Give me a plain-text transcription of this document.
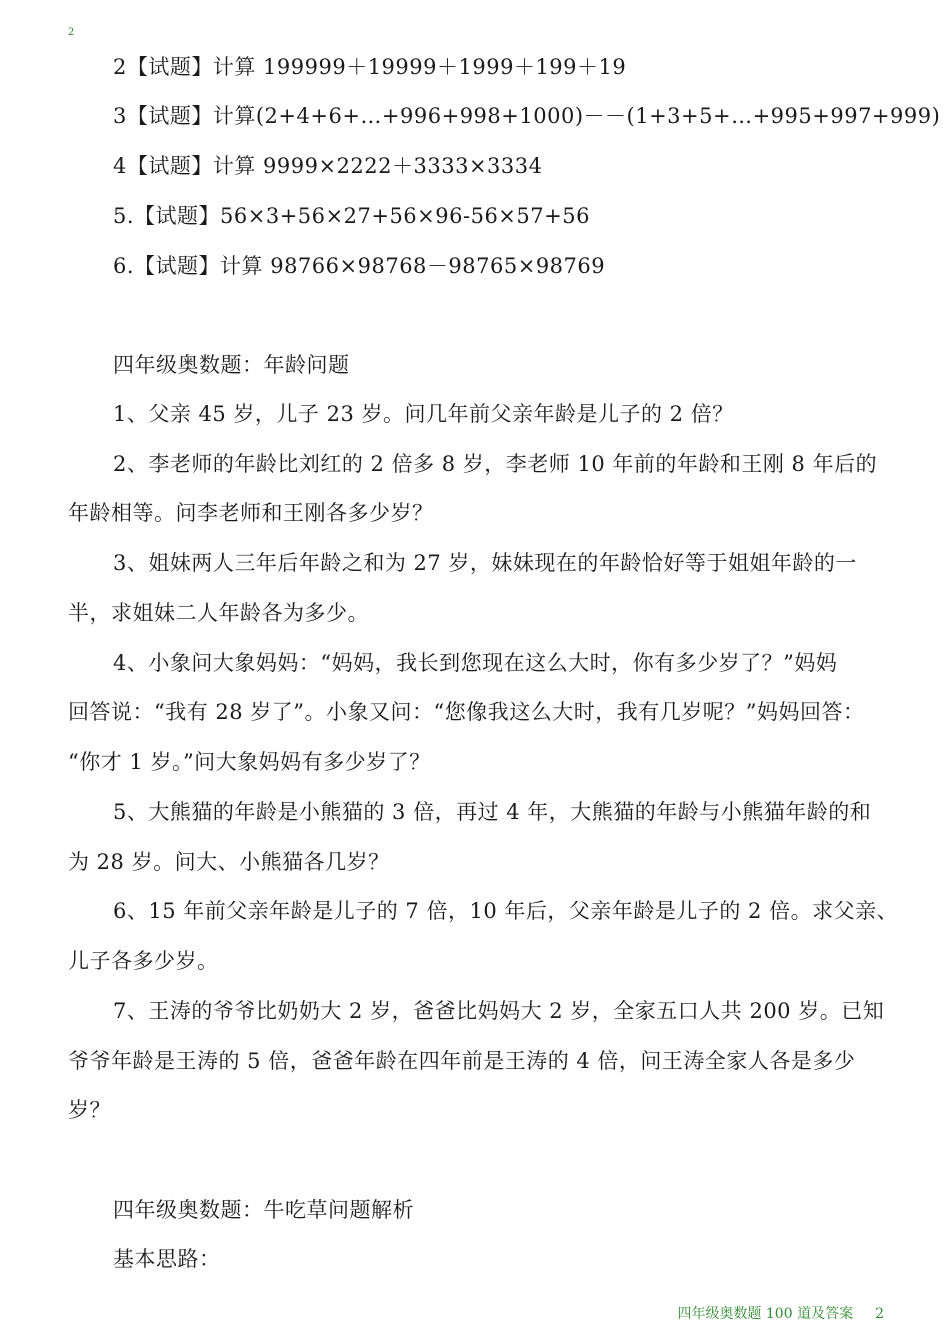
2
2【试题】计算 199999＋19999＋1999＋199＋19
3【试题】计算(2+4+6+…+996+998+1000)－－(1+3+5+…+995+997+999)
4【试题】计算 9999×2222＋3333×3334
5.【试题】56×3+56×27+56×96-56×57+56
6.【试题】计算 98766×98768－98765×98769
四年级奥数题：年龄问题
1、父亲 45 岁，儿子 23 岁。问几年前父亲年龄是儿子的 2 倍？
2、李老师的年龄比刘红的 2 倍多 8 岁，李老师 10 年前的年龄和王刚 8 年后的
年龄相等。问李老师和王刚各多少岁？
3、姐妹两人三年后年龄之和为 27 岁，妹妹现在的年龄恰好等于姐姐年龄的一
半，求姐妹二人年龄各为多少。
4、小象问大象妈妈：“妈妈，我长到您现在这么大时，你有多少岁了？”妈妈
回答说：“我有 28 岁了”。小象又问：“您像我这么大时，我有几岁呢？”妈妈回答：
“你才 1 岁。”问大象妈妈有多少岁了？
5、大熊猫的年龄是小熊猫的 3 倍，再过 4 年，大熊猫的年龄与小熊猫年龄的和
为 28 岁。问大、小熊猫各几岁？
6、15 年前父亲年龄是儿子的 7 倍，10 年后，父亲年龄是儿子的 2 倍。求父亲、
儿子各多少岁。
7、王涛的爷爷比奶奶大 2 岁，爸爸比妈妈大 2 岁，全家五口人共 200 岁。已知
爷爷年龄是王涛的 5 倍，爸爸年龄在四年前是王涛的 4 倍，问王涛全家人各是多少
岁？
四年级奥数题：牛吃草问题解析
基本思路：
四年级奥数题 100 道及答案 2
